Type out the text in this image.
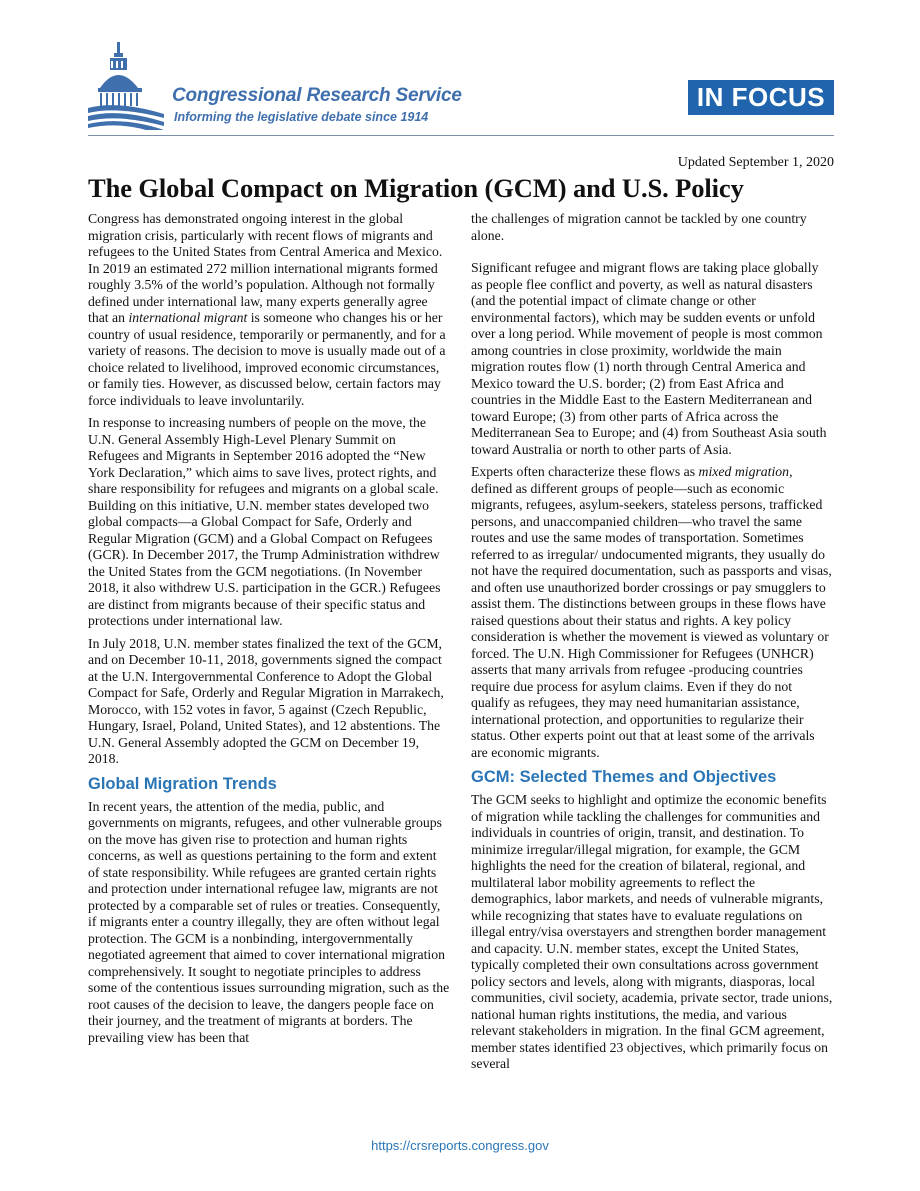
Congressional Research Service
Informing the legislative debate since 1914
IN FOCUS
Updated September 1, 2020
The Global Compact on Migration (GCM) and U.S. Policy

Congress has demonstrated ongoing interest in the global migration crisis, particularly with recent flows of migrants and refugees to the United States from Central America and Mexico. In 2019 an estimated 272 million international migrants formed roughly 3.5% of the world’s population. Although not formally defined under international law, many experts generally agree that an international migrant is someone who changes his or her country of usual residence, temporarily or permanently, and for a variety of reasons. The decision to move is usually made out of a choice related to livelihood, improved economic circumstances, or family ties. However, as discussed below, certain factors may force individuals to leave involuntarily.

In response to increasing numbers of people on the move, the U.N. General Assembly High-Level Plenary Summit on Refugees and Migrants in September 2016 adopted the “New York Declaration,” which aims to save lives, protect rights, and share responsibility for refugees and migrants on a global scale. Building on this initiative, U.N. member states developed two global compacts—a Global Compact for Safe, Orderly and Regular Migration (GCM) and a Global Compact on Refugees (GCR). In December 2017, the Trump Administration withdrew the United States from the GCM negotiations. (In November 2018, it also withdrew U.S. participation in the GCR.) Refugees are distinct from migrants because of their specific status and protections under international law.

In July 2018, U.N. member states finalized the text of the GCM, and on December 10-11, 2018, governments signed the compact at the U.N. Intergovernmental Conference to Adopt the Global Compact for Safe, Orderly and Regular Migration in Marrakech, Morocco, with 152 votes in favor, 5 against (Czech Republic, Hungary, Israel, Poland, United States), and 12 abstentions. The U.N. General Assembly adopted the GCM on December 19, 2018.

Global Migration Trends

In recent years, the attention of the media, public, and governments on migrants, refugees, and other vulnerable groups on the move has given rise to protection and human rights concerns, as well as questions pertaining to the form and extent of state responsibility. While refugees are granted certain rights and protection under international refugee law, migrants are not protected by a comparable set of rules or treaties. Consequently, if migrants enter a country illegally, they are often without legal protection. The GCM is a nonbinding, intergovernmentally negotiated agreement that aimed to cover international migration comprehensively. It sought to negotiate principles to address some of the contentious issues surrounding migration, such as the root causes of the decision to leave, the dangers people face on their journey, and the treatment of migrants at borders. The prevailing view has been that

the challenges of migration cannot be tackled by one country alone.

Significant refugee and migrant flows are taking place globally as people flee conflict and poverty, as well as natural disasters (and the potential impact of climate change or other environmental factors), which may be sudden events or unfold over a long period. While movement of people is most common among countries in close proximity, worldwide the main migration routes flow (1) north through Central America and Mexico toward the U.S. border; (2) from East Africa and countries in the Middle East to the Eastern Mediterranean and toward Europe; (3) from other parts of Africa across the Mediterranean Sea to Europe; and (4) from Southeast Asia south toward Australia or north to other parts of Asia.

Experts often characterize these flows as mixed migration, defined as different groups of people—such as economic migrants, refugees, asylum-seekers, stateless persons, trafficked persons, and unaccompanied children—who travel the same routes and use the same modes of transportation. Sometimes referred to as irregular/ undocumented migrants, they usually do not have the required documentation, such as passports and visas, and often use unauthorized border crossings or pay smugglers to assist them. The distinctions between groups in these flows have raised questions about their status and rights. A key policy consideration is whether the movement is viewed as voluntary or forced. The U.N. High Commissioner for Refugees (UNHCR) asserts that many arrivals from refugee -producing countries require due process for asylum claims. Even if they do not qualify as refugees, they may need humanitarian assistance, international protection, and opportunities to regularize their status. Other experts point out that at least some of the arrivals are economic migrants.

GCM: Selected Themes and Objectives

The GCM seeks to highlight and optimize the economic benefits of migration while tackling the challenges for communities and individuals in countries of origin, transit, and destination. To minimize irregular/illegal migration, for example, the GCM highlights the need for the creation of bilateral, regional, and multilateral labor mobility agreements to reflect the demographics, labor markets, and needs of vulnerable migrants, while recognizing that states have to evaluate regulations on illegal entry/visa overstayers and strengthen border management and capacity. U.N. member states, except the United States, typically completed their own consultations across government policy sectors and levels, along with migrants, diasporas, local communities, civil society, academia, private sector, trade unions, national human rights institutions, the media, and various relevant stakeholders in migration. In the final GCM agreement, member states identified 23 objectives, which primarily focus on several

https://crsreports.congress.gov
